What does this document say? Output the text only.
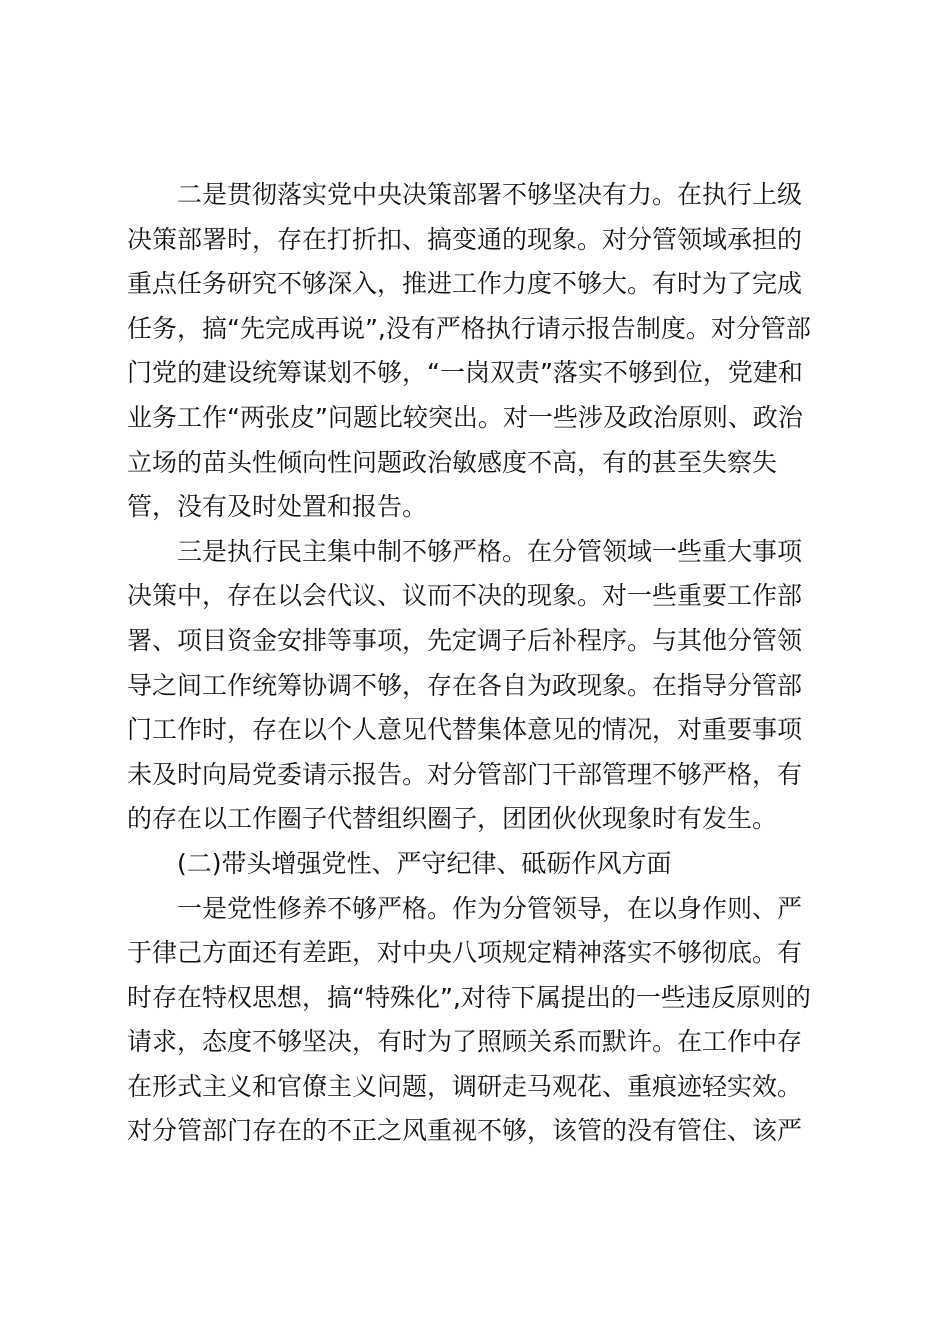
二是贯彻落实党中央决策部署不够坚决有力。在执行上级
决策部署时，存在打折扣、搞变通的现象。对分管领域承担的
重点任务研究不够深入，推进工作力度不够大。有时为了完成
任务，搞“先完成再说”,没有严格执行请示报告制度。对分管部
门党的建设统筹谋划不够，“一岗双责”落实不够到位，党建和
业务工作“两张皮”问题比较突出。对一些涉及政治原则、政治
立场的苗头性倾向性问题政治敏感度不高，有的甚至失察失
管，没有及时处置和报告。

三是执行民主集中制不够严格。在分管领域一些重大事项
决策中，存在以会代议、议而不决的现象。对一些重要工作部
署、项目资金安排等事项，先定调子后补程序。与其他分管领
导之间工作统筹协调不够，存在各自为政现象。在指导分管部
门工作时，存在以个人意见代替集体意见的情况，对重要事项
未及时向局党委请示报告。对分管部门干部管理不够严格，有
的存在以工作圈子代替组织圈子，团团伙伙现象时有发生。

(二)带头增强党性、严守纪律、砥砺作风方面

一是党性修养不够严格。作为分管领导，在以身作则、严
于律己方面还有差距，对中央八项规定精神落实不够彻底。有
时存在特权思想，搞“特殊化”,对待下属提出的一些违反原则的
请求，态度不够坚决，有时为了照顾关系而默许。在工作中存
在形式主义和官僚主义问题，调研走马观花、重痕迹轻实效。
对分管部门存在的不正之风重视不够，该管的没有管住、该严
